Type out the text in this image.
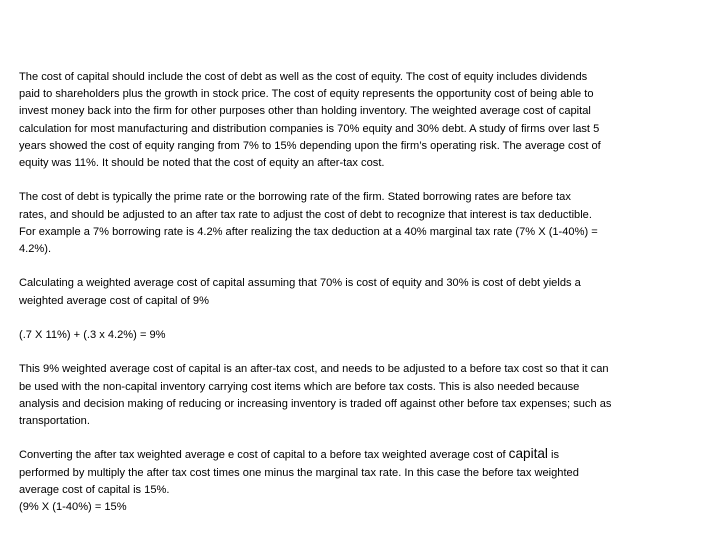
The cost of capital should include the cost of debt as well as the cost of equity. The cost of equity includes dividends
paid to shareholders plus the growth in stock price. The cost of equity represents the opportunity cost of being able to
invest money back into the firm for other purposes other than holding inventory. The weighted average cost of capital
calculation for most manufacturing and distribution companies is 70% equity and 30% debt. A study of firms over last 5
years showed the cost of equity ranging from 7% to 15% depending upon the firm’s operating risk. The average cost of
equity was 11%. It should be noted that the cost of equity an after-tax cost.

The cost of debt is typically the prime rate or the borrowing rate of the firm. Stated borrowing rates are before tax
rates, and should be adjusted to an after tax rate to adjust the cost of debt to recognize that interest is tax deductible.
For example a 7% borrowing rate is 4.2% after realizing the tax deduction at a 40% marginal tax rate (7% X (1-40%) =
4.2%).

Calculating a weighted average cost of capital assuming that 70% is cost of equity and 30% is cost of debt yields a
weighted average cost of capital of 9%

(.7 X 11%) + (.3 x 4.2%) = 9%

This 9% weighted average cost of capital is an after-tax cost, and needs to be adjusted to a before tax cost so that it can
be used with the non-capital inventory carrying cost items which are before tax costs. This is also needed because
analysis and decision making of reducing or increasing inventory is traded off against other before tax expenses; such as
transportation.

Converting the after tax weighted average e cost of capital to a before tax weighted average cost of capital is
performed by multiply the after tax cost times one minus the marginal tax rate. In this case the before tax weighted
average cost of capital is 15%.
(9% X (1-40%) = 15%
